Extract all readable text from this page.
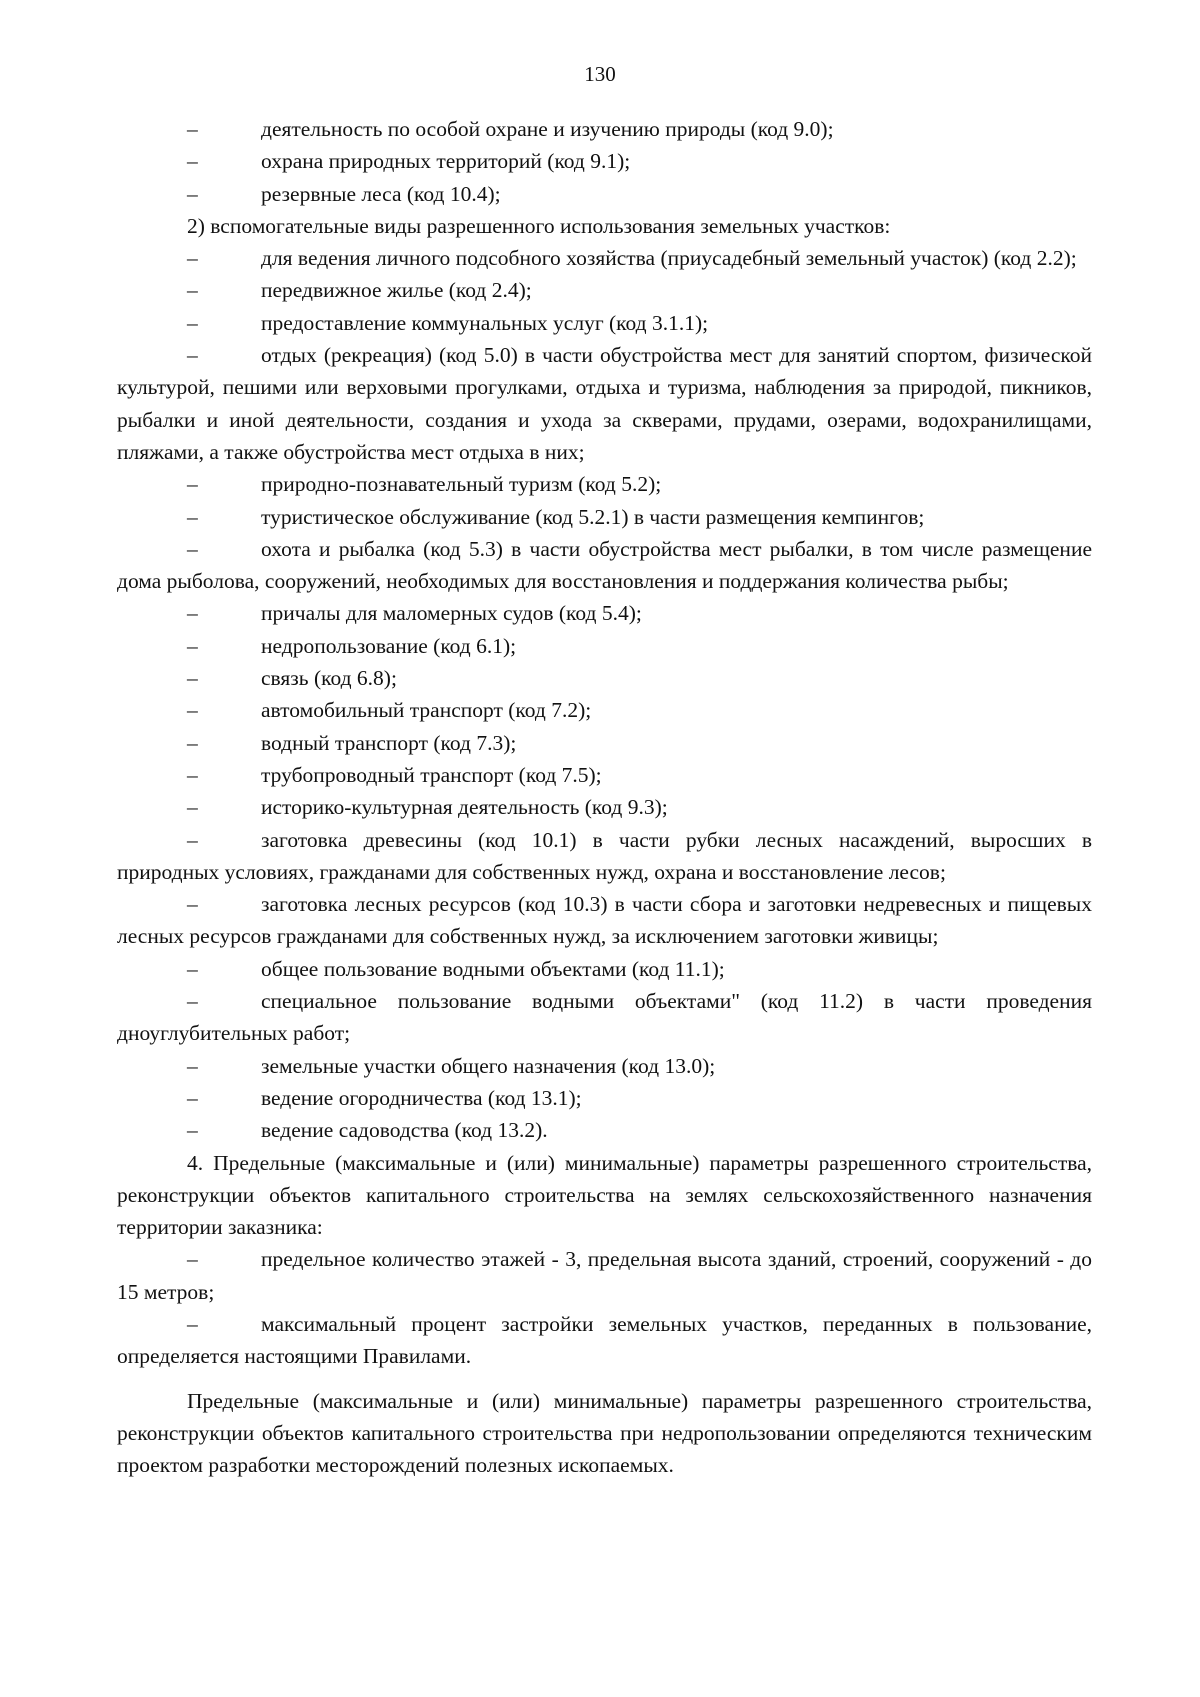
130

–	деятельность по особой охране и изучению природы (код 9.0);

–	охрана природных территорий (код 9.1);

–	резервные леса (код 10.4);

2) вспомогательные виды разрешенного использования земельных участков:

–	для ведения личного подсобного хозяйства (приусадебный земельный участок) (код 2.2);

–	передвижное жилье (код 2.4);

–	предоставление коммунальных услуг (код 3.1.1);

–	отдых (рекреация) (код 5.0) в части обустройства мест для занятий спортом, физической культурой, пешими или верховыми прогулками, отдыха и туризма, наблюдения за природой, пикников, рыбалки и иной деятельности, создания и ухода за скверами, прудами, озерами, водохранилищами, пляжами, а также обустройства мест отдыха в них;

–	природно-познавательный туризм (код 5.2);

–	туристическое обслуживание (код 5.2.1) в части размещения кемпингов;

–	охота и рыбалка (код 5.3) в части обустройства мест рыбалки, в том числе размещение дома рыболова, сооружений, необходимых для восстановления и поддержания количества рыбы;

–	причалы для маломерных судов (код 5.4);

–	недропользование (код 6.1);

–	связь (код 6.8);

–	автомобильный транспорт (код 7.2);

–	водный транспорт (код 7.3);

–	трубопроводный транспорт (код 7.5);

–	историко-культурная деятельность (код 9.3);

–	заготовка древесины (код 10.1) в части рубки лесных насаждений, выросших в природных условиях, гражданами для собственных нужд, охрана и восстановление лесов;

–	заготовка лесных ресурсов (код 10.3) в части сбора и заготовки недревесных и пищевых лесных ресурсов гражданами для собственных нужд, за исключением заготовки живицы;

–	общее пользование водными объектами (код 11.1);

–	специальное пользование водными объектами" (код 11.2) в части проведения дноуглубительных работ;

–	земельные участки общего назначения (код 13.0);

–	ведение огородничества (код 13.1);

–	ведение садоводства (код 13.2).

4. Предельные (максимальные и (или) минимальные) параметры разрешенного строительства, реконструкции объектов капитального строительства на землях сельскохозяйственного назначения территории заказника:

–	предельное количество этажей - 3, предельная высота зданий, строений, сооружений - до 15 метров;

–	максимальный процент застройки земельных участков, переданных в пользование, определяется настоящими Правилами.

Предельные (максимальные и (или) минимальные) параметры разрешенного строительства, реконструкции объектов капитального строительства при недропользовании определяются техническим проектом разработки месторождений полезных ископаемых.
